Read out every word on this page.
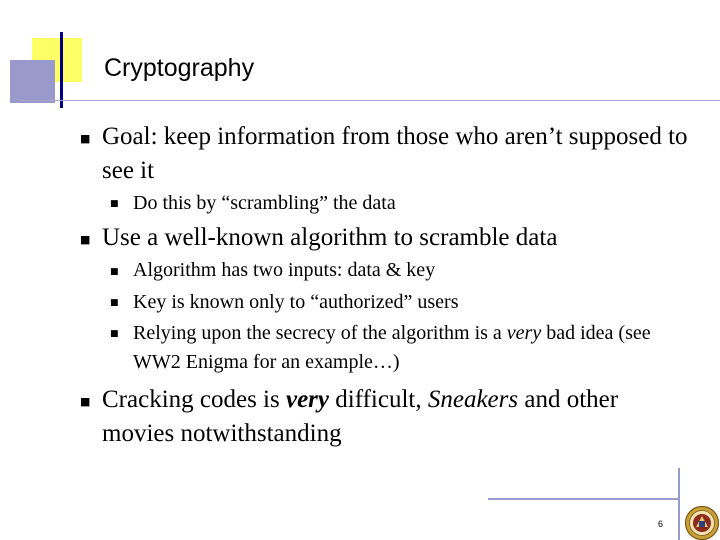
Cryptography
■ Goal: keep information from those who aren’t supposed to see it
■ Do this by “scrambling” the data
■ Use a well-known algorithm to scramble data
■ Algorithm has two inputs: data & key
■ Key is known only to “authorized” users
■ Relying upon the secrecy of the algorithm is a very bad idea (see WW2 Enigma for an example…)
■ Cracking codes is very difficult, Sneakers and other movies notwithstanding
6
